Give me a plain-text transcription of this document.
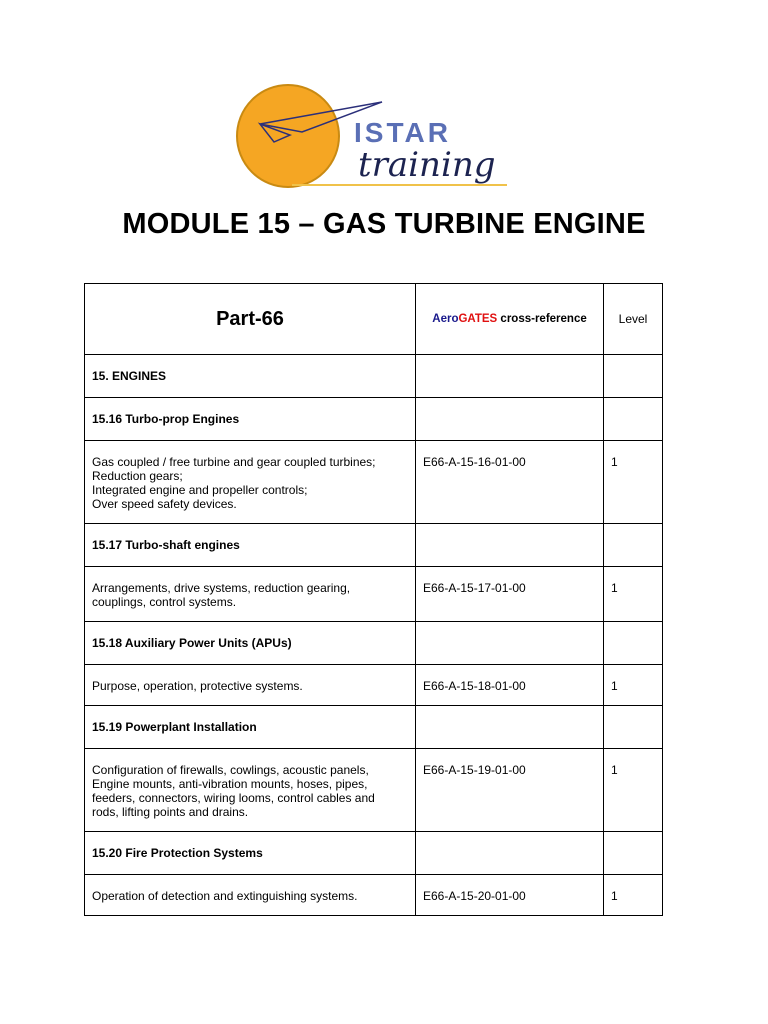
ISTAR
training
MODULE 15 – GAS TURBINE ENGINE
Part-66	AeroGATES cross-reference	Level
15. ENGINES		
15.16 Turbo-prop Engines		

Gas coupled / free turbine and gear coupled turbines;
Reduction gears;
Integrated engine and propeller controls;
Over speed safety devices.	E66-A-15-16-01-00	1
15.17 Turbo-shaft engines		

Arrangements, drive systems, reduction gearing,
couplings, control systems.	E66-A-15-17-01-00	1
15.18 Auxiliary Power Units (APUs)		

Purpose, operation, protective systems.	E66-A-15-18-01-00	1
15.19 Powerplant Installation		

Configuration of firewalls, cowlings, acoustic panels,
Engine mounts, anti-vibration mounts, hoses, pipes,
feeders, connectors, wiring looms, control cables and
rods, lifting points and drains.	E66-A-15-19-01-00	1
15.20 Fire Protection Systems		

Operation of detection and extinguishing systems.	E66-A-15-20-01-00	1
